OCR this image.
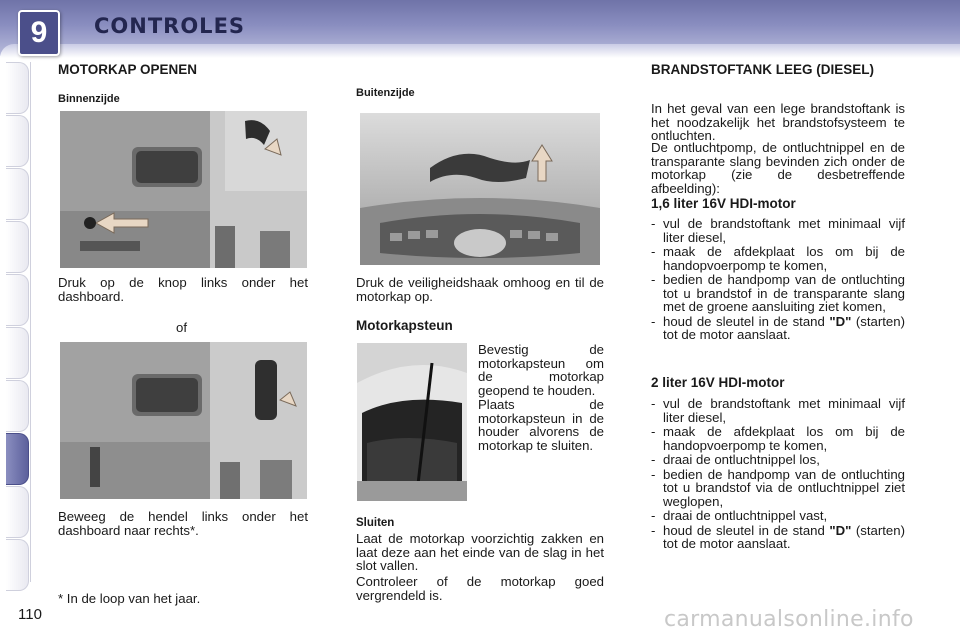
9	CONTROLES
MOTORKAP OPENEN
Binnenzijde
Druk op de knop links onder het dashboard.
of
Beweeg de hendel links onder het dashboard naar rechts*.
* In de loop van het jaar.
Buitenzijde
Druk de veiligheidshaak omhoog en til de motorkap op.
Motorkapsteun
Bevestig de motorkapsteun om de motorkap geopend te houden.
Plaats de motorkapsteun in de houder alvorens de motorkap te sluiten.
Sluiten
Laat de motorkap voorzichtig zakken en laat deze aan het einde van de slag in het slot vallen.
Controleer of de motorkap goed vergrendeld is.
BRANDSTOFTANK LEEG (DIESEL)
In het geval van een lege brandstoftank is het noodzakelijk het brandstofsysteem te ontluchten.
De ontluchtpomp, de ontluchtnippel en de transparante slang bevinden zich onder de motorkap (zie de desbetreffende afbeelding):
1,6 liter 16V HDI-motor
- vul de brandstoftank met minimaal vijf liter diesel,
- maak de afdekplaat los om bij de handopvoerpomp te komen,
- bedien de handpomp van de ontluchting tot u brandstof in de transparante slang met de groene aansluiting ziet komen,
- houd de sleutel in de stand "D" (starten) tot de motor aanslaat.
2 liter 16V HDI-motor
- vul de brandstoftank met minimaal vijf liter diesel,
- maak de afdekplaat los om bij de handopvoerpomp te komen,
- draai de ontluchtnippel los,
- bedien de handpomp van de ontluchting tot u brandstof via de ontluchtnippel ziet weglopen,
- draai de ontluchtnippel vast,
- houd de sleutel in de stand "D" (starten) tot de motor aanslaat.
110	carmanualsonline.info
